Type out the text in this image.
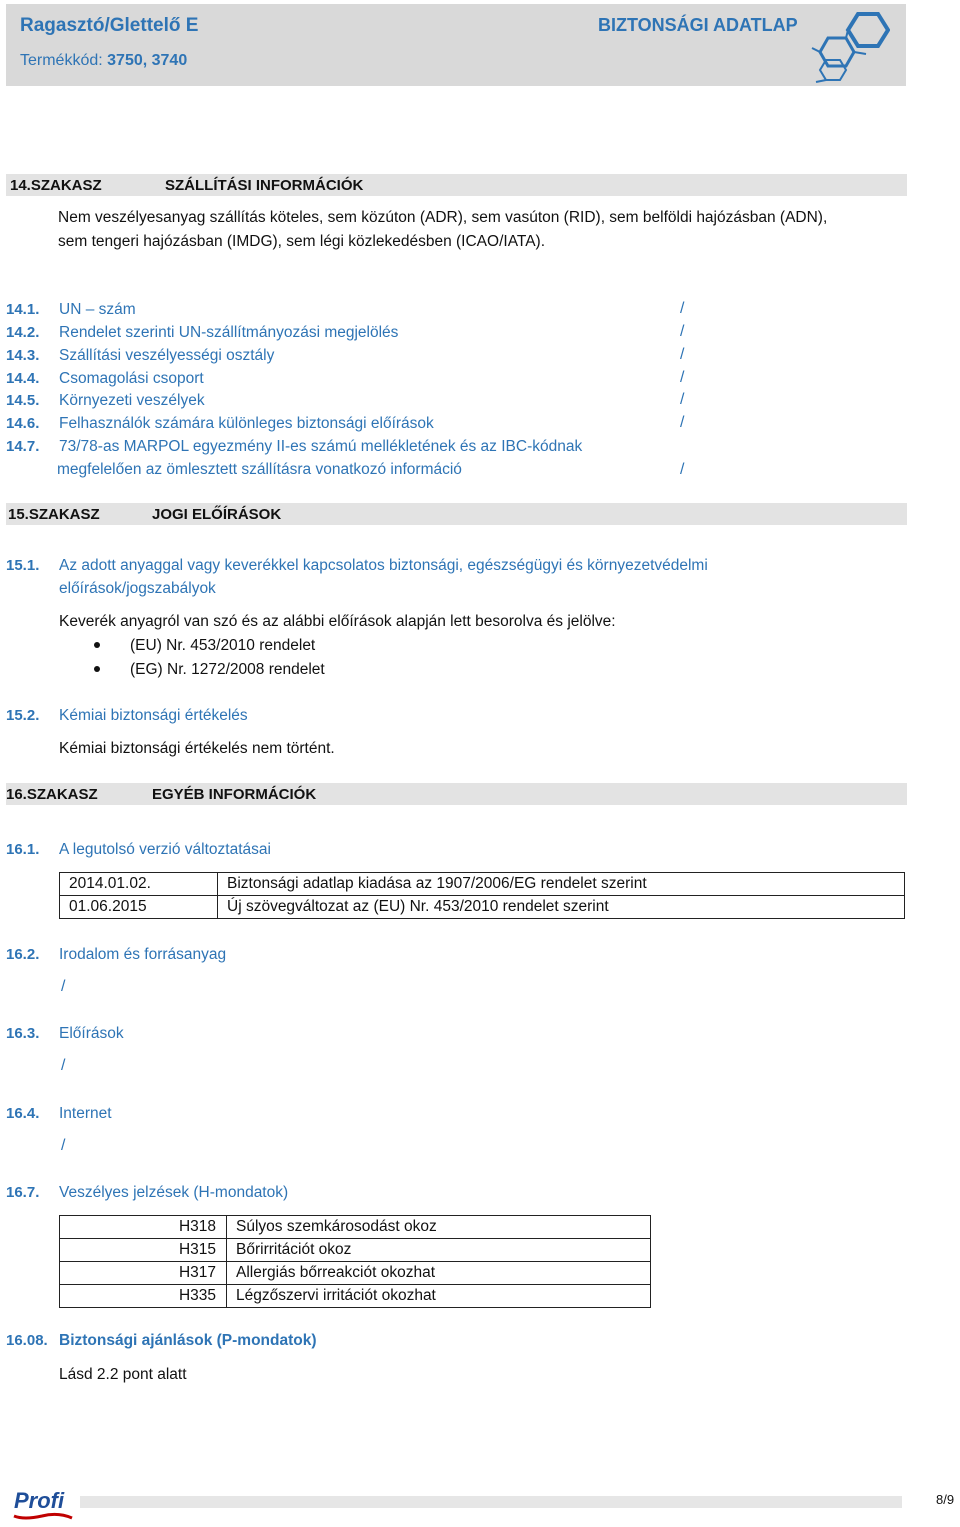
Ragasztó/Glettelő E
Termékkód: 3750, 3740
BIZTONSÁGI ADATLAP
14.SZAKASZ	SZÁLLÍTÁSI INFORMÁCIÓK
Nem veszélyesanyag szállítás köteles, sem közúton (ADR), sem vasúton (RID), sem belföldi hajózásban (ADN),
sem tengeri hajózásban (IMDG), sem légi közlekedésben (ICAO/IATA).
14.1. UN – szám	/
14.2. Rendelet szerinti UN-szállítmányozási megjelölés	/
14.3. Szállítási veszélyességi osztály	/
14.4. Csomagolási csoport	/
14.5. Környezeti veszélyek	/
14.6. Felhasználók számára különleges biztonsági előírások	/
14.7. 73/78-as MARPOL egyezmény II-es számú mellékletének és az IBC-kódnak
megfelelően az ömlesztett szállításra vonatkozó információ	/
15.SZAKASZ	JOGI ELŐÍRÁSOK
15.1. Az adott anyaggal vagy keverékkel kapcsolatos biztonsági, egészségügyi és környezetvédelmi
előírások/jogszabályok
Keverék anyagról van szó és az alábbi előírások alapján lett besorolva és jelölve:
(EU) Nr. 453/2010 rendelet
(EG) Nr. 1272/2008 rendelet
15.2. Kémiai biztonsági értékelés
Kémiai biztonsági értékelés nem történt.
16.SZAKASZ	EGYÉB INFORMÁCIÓK
16.1. A legutolsó verzió változtatásai
2014.01.02.	Biztonsági adatlap kiadása az 1907/2006/EG rendelet szerint
01.06.2015	Új szövegváltozat az (EU) Nr. 453/2010 rendelet szerint
16.2. Irodalom és forrásanyag
/
16.3. Előírások
/
16.4. Internet
/
16.7. Veszélyes jelzések (H-mondatok)
H318	Súlyos szemkárosodást okoz
H315	Bőrirritációt okoz
H317	Allergiás bőrreakciót okozhat
H335	Légzőszervi irritációt okozhat
16.08. Biztonsági ajánlások (P-mondatok)
Lásd 2.2 pont alatt
Profi	8/9
